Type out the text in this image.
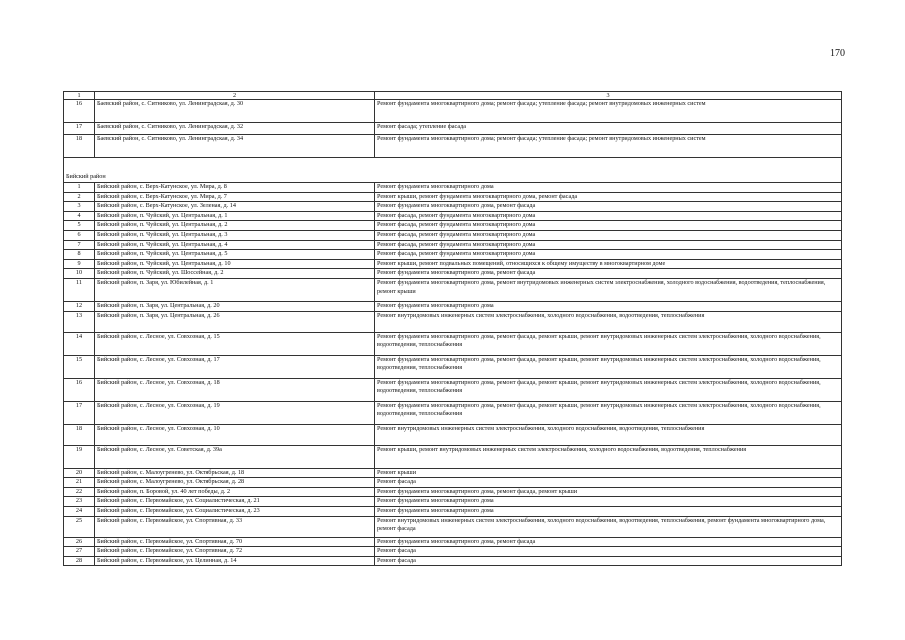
170
1	2	3
16	Баевский район, с. Ситниково, ул. Ленинградская, д. 30	Ремонт фундамента многоквартирного дома; ремонт фасада; утепление фасада; ремонт внутридомовых инженерных систем
17	Баевский район, с. Ситниково, ул. Ленинградская, д. 32	Ремонт фасада; утепление фасада
18	Баевский район, с. Ситниково, ул. Ленинградская, д. 34	Ремонт фундамента многоквартирного дома; ремонт фасада; утепление фасада; ремонт внутридомовых инженерных систем
Бийский район		
1	Бийский район, с. Верх-Катунское, ул. Мира, д. 8	Ремонт фундамента многоквартирного дома
2	Бийский район, с. Верх-Катунское, ул. Мира, д. 7	Ремонт крыши, ремонт фундамента многоквартирного дома, ремонт фасада
3	Бийский район, с. Верх-Катунское, ул. Зеленая, д. 14	Ремонт фундамента многоквартирного дома, ремонт фасада
4	Бийский район, п. Чуйский, ул. Центральная, д. 1	Ремонт фасада, ремонт фундамента многоквартирного дома
5	Бийский район, п. Чуйский, ул. Центральная, д. 2	Ремонт фасада, ремонт фундамента многоквартирного дома
6	Бийский район, п. Чуйский, ул. Центральная, д. 3	Ремонт фасада, ремонт фундамента многоквартирного дома
7	Бийский район, п. Чуйский, ул. Центральная, д. 4	Ремонт фасада, ремонт фундамента многоквартирного дома
8	Бийский район, п. Чуйский, ул. Центральная, д. 5	Ремонт фасада, ремонт фундамента многоквартирного дома
9	Бийский район, п. Чуйский, ул. Центральная, д. 10	Ремонт крыши, ремонт подвальных помещений, относящихся к общему имуществу в многоквартирном доме
10	Бийский район, п. Чуйский, ул. Шоссейная, д. 2	Ремонт фундамента многоквартирного дома, ремонт фасада
11	Бийский район, п. Заря, ул. Юбилейная, д. 1	Ремонт фундамента многоквартирного дома, ремонт внутридомовых инженерных систем электроснабжения, холодного водоснабжения, водоотведения, теплоснабжения, ремонт крыши
12	Бийский район, п. Заря, ул. Центральная, д. 20	Ремонт фундамента многоквартирного дома
13	Бийский район, п. Заря, ул. Центральная, д. 26	Ремонт внутридомовых инженерных систем электроснабжения, холодного водоснабжения, водоотведения, теплоснабжения
14	Бийский район, с. Лесное, ул. Совхозная, д. 15	Ремонт фундамента многоквартирного дома, ремонт фасада, ремонт крыши, ремонт внутридомовых инженерных систем электроснабжения, холодного водоснабжения, водоотведения, теплоснабжения
15	Бийский район, с. Лесное, ул. Совхозная, д. 17	Ремонт фундамента многоквартирного дома, ремонт фасада, ремонт крыши, ремонт внутридомовых инженерных систем электроснабжения, холодного водоснабжения, водоотведения, теплоснабжения
16	Бийский район, с. Лесное, ул. Совхозная, д. 18	Ремонт фундамента многоквартирного дома, ремонт фасада, ремонт крыши, ремонт внутридомовых инженерных систем электроснабжения, холодного водоснабжения, водоотведения, теплоснабжения
17	Бийский район, с. Лесное, ул. Совхозная, д. 19	Ремонт фундамента многоквартирного дома, ремонт фасада, ремонт крыши, ремонт внутридомовых инженерных систем электроснабжения, холодного водоснабжения, водоотведения, теплоснабжения
18	Бийский район, с. Лесное, ул. Совхозная, д. 10	Ремонт внутридомовых инженерных систем электроснабжения, холодного водоснабжения, водоотведения, теплоснабжения
19	Бийский район, с. Лесное, ул. Советская, д. 39а	Ремонт крыши, ремонт внутридомовых инженерных систем электроснабжения, холодного водоснабжения, водоотведения, теплоснабжения
20	Бийский район, с. Малоугренево, ул. Октябрьская, д. 18	Ремонт крыши
21	Бийский район, с. Малоугренево, ул. Октябрьская, д. 28	Ремонт фасада
22	Бийский район, п. Боровой, ул. 40 лет победы, д. 2	Ремонт фундамента многоквартирного дома, ремонт фасада, ремонт крыши
23	Бийский район, с. Первомайское, ул. Социалистическая, д. 21	Ремонт фундамента многоквартирного дома
24	Бийский район, с. Первомайское, ул. Социалистическая, д. 23	Ремонт фундамента многоквартирного дома
25	Бийский район, с. Первомайское, ул. Спортивная, д. 33	Ремонт внутридомовых инженерных систем электроснабжения, холодного водоснабжения, водоотведения, теплоснабжения, ремонт фундамента многоквартирного дома, ремонт фасада
26	Бийский район, с. Первомайское, ул. Спортивная, д. 70	Ремонт фундамента многоквартирного дома, ремонт фасада
27	Бийский район, с. Первомайское, ул. Спортивная, д. 72	Ремонт фасада
28	Бийский район, с. Первомайское, ул. Целинная, д. 14	Ремонт фасада
